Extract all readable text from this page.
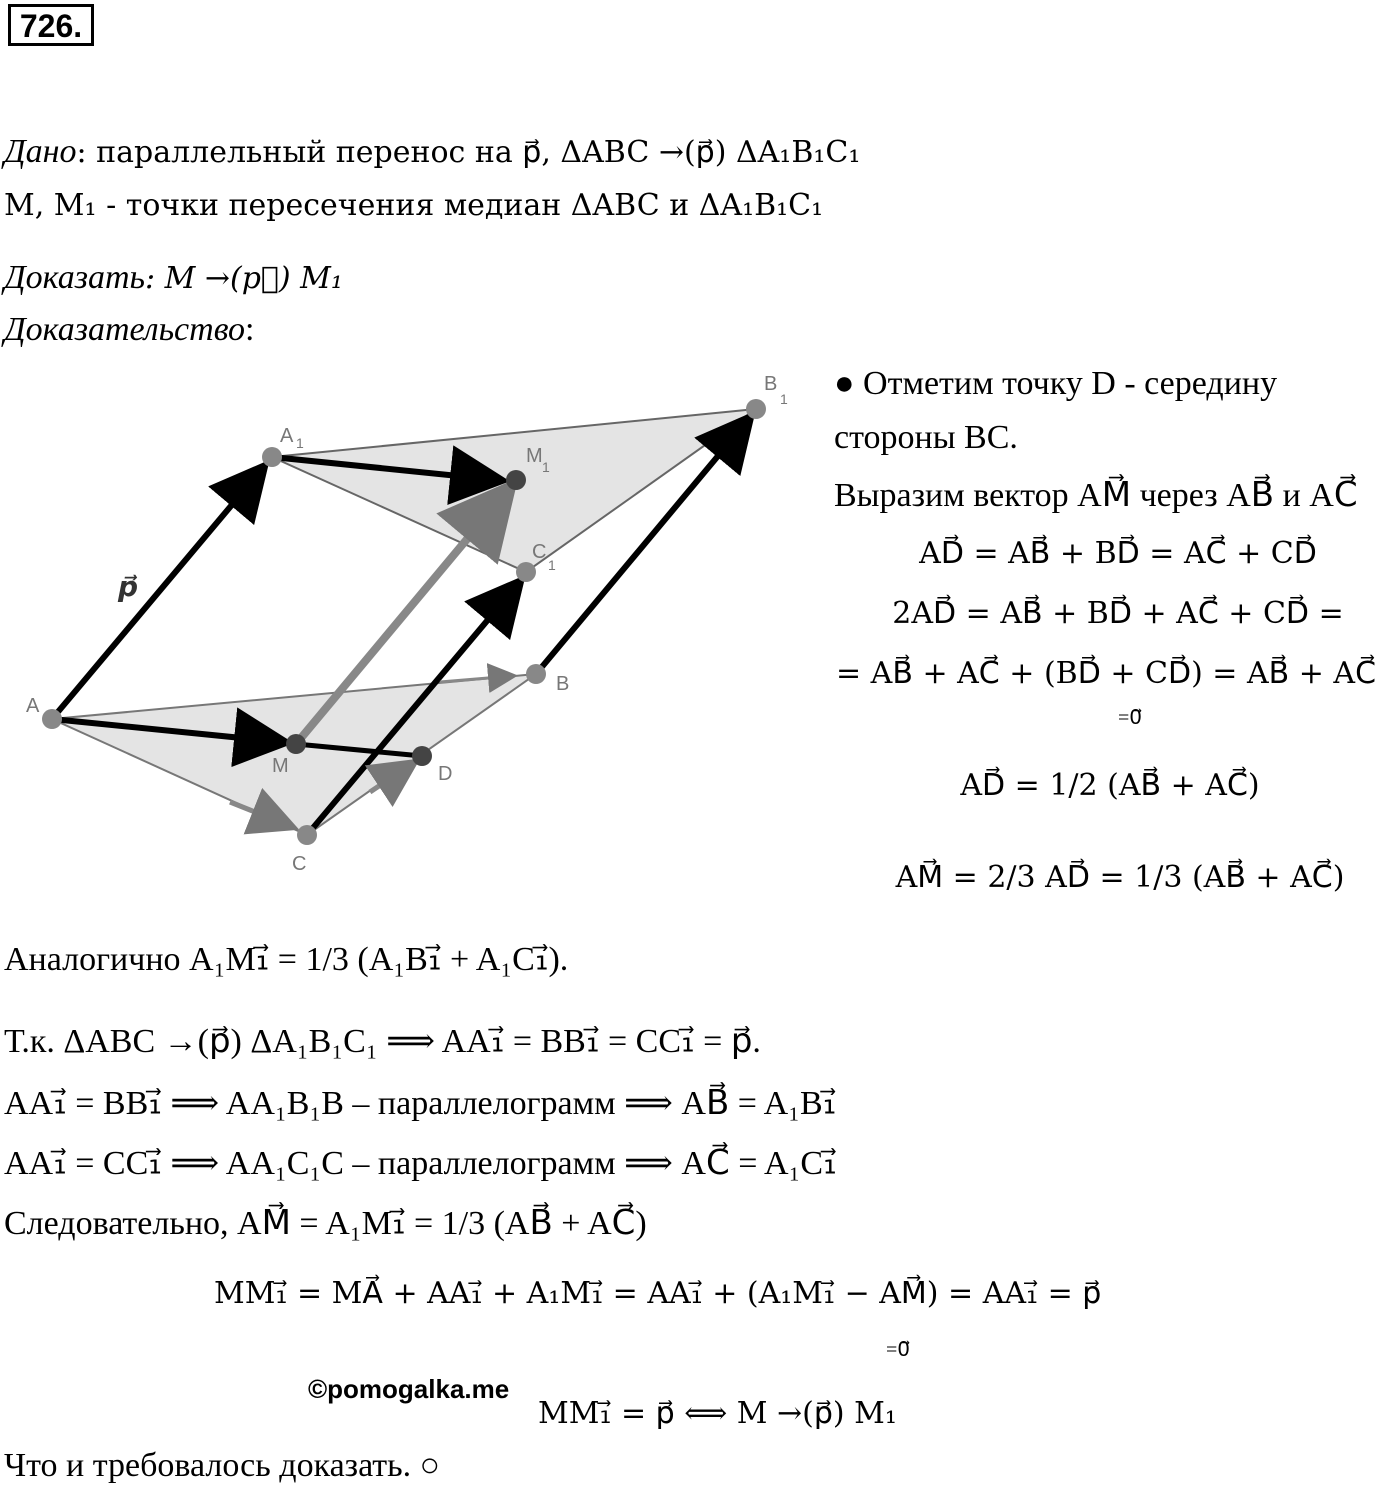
726.
Дано: параллельный перенос на p⃗, ΔABC →(p⃗) ΔA₁B₁C₁
M, M₁ - точки пересечения медиан ΔABC и ΔA₁B₁C₁
Доказать: M →(p⃗) M₁
Доказательство:
A
B
C
D
M
A 1
B
1
C
1
M 1
p⃗
● Отметим точку D - середину
стороны BC.
Выразим вектор AM⃗ через AB⃗ и AC⃗
AD⃗ = AB⃗ + BD⃗ = AC⃗ + CD⃗
2AD⃗ = AB⃗ + BD⃗ + AC⃗ + CD⃗ =
= AB⃗ + AC⃗ + (BD⃗ + CD⃗) = AB⃗ + AC⃗
=0⃗
AD⃗ = 1/2 (AB⃗ + AC⃗)
AM⃗ = 2/3 AD⃗ = 1/3 (AB⃗ + AC⃗)
Аналогично A₁M₁⃗ = 1/3 (A₁B₁⃗ + A₁C₁⃗).
Т.к. ΔABC →(p⃗) ΔA₁B₁C₁ ⟹ AA₁⃗ = BB₁⃗ = CC₁⃗ = p⃗.
AA₁⃗ = BB₁⃗ ⟹ AA₁B₁B – параллелограмм ⟹ AB⃗ = A₁B₁⃗
AA₁⃗ = CC₁⃗ ⟹ AA₁C₁C – параллелограмм ⟹ AC⃗ = A₁C₁⃗
Следовательно, AM⃗ = A₁M₁⃗ = 1/3 (AB⃗ + AC⃗)
MM₁⃗ = MA⃗ + AA₁⃗ + A₁M₁⃗ = AA₁⃗ + (A₁M₁⃗ − AM⃗) = AA₁⃗ = p⃗
=0⃗
©pomogalka.me
MM₁⃗ = p⃗ ⟺ M →(p⃗) M₁
Что и требовалось доказать. ○
